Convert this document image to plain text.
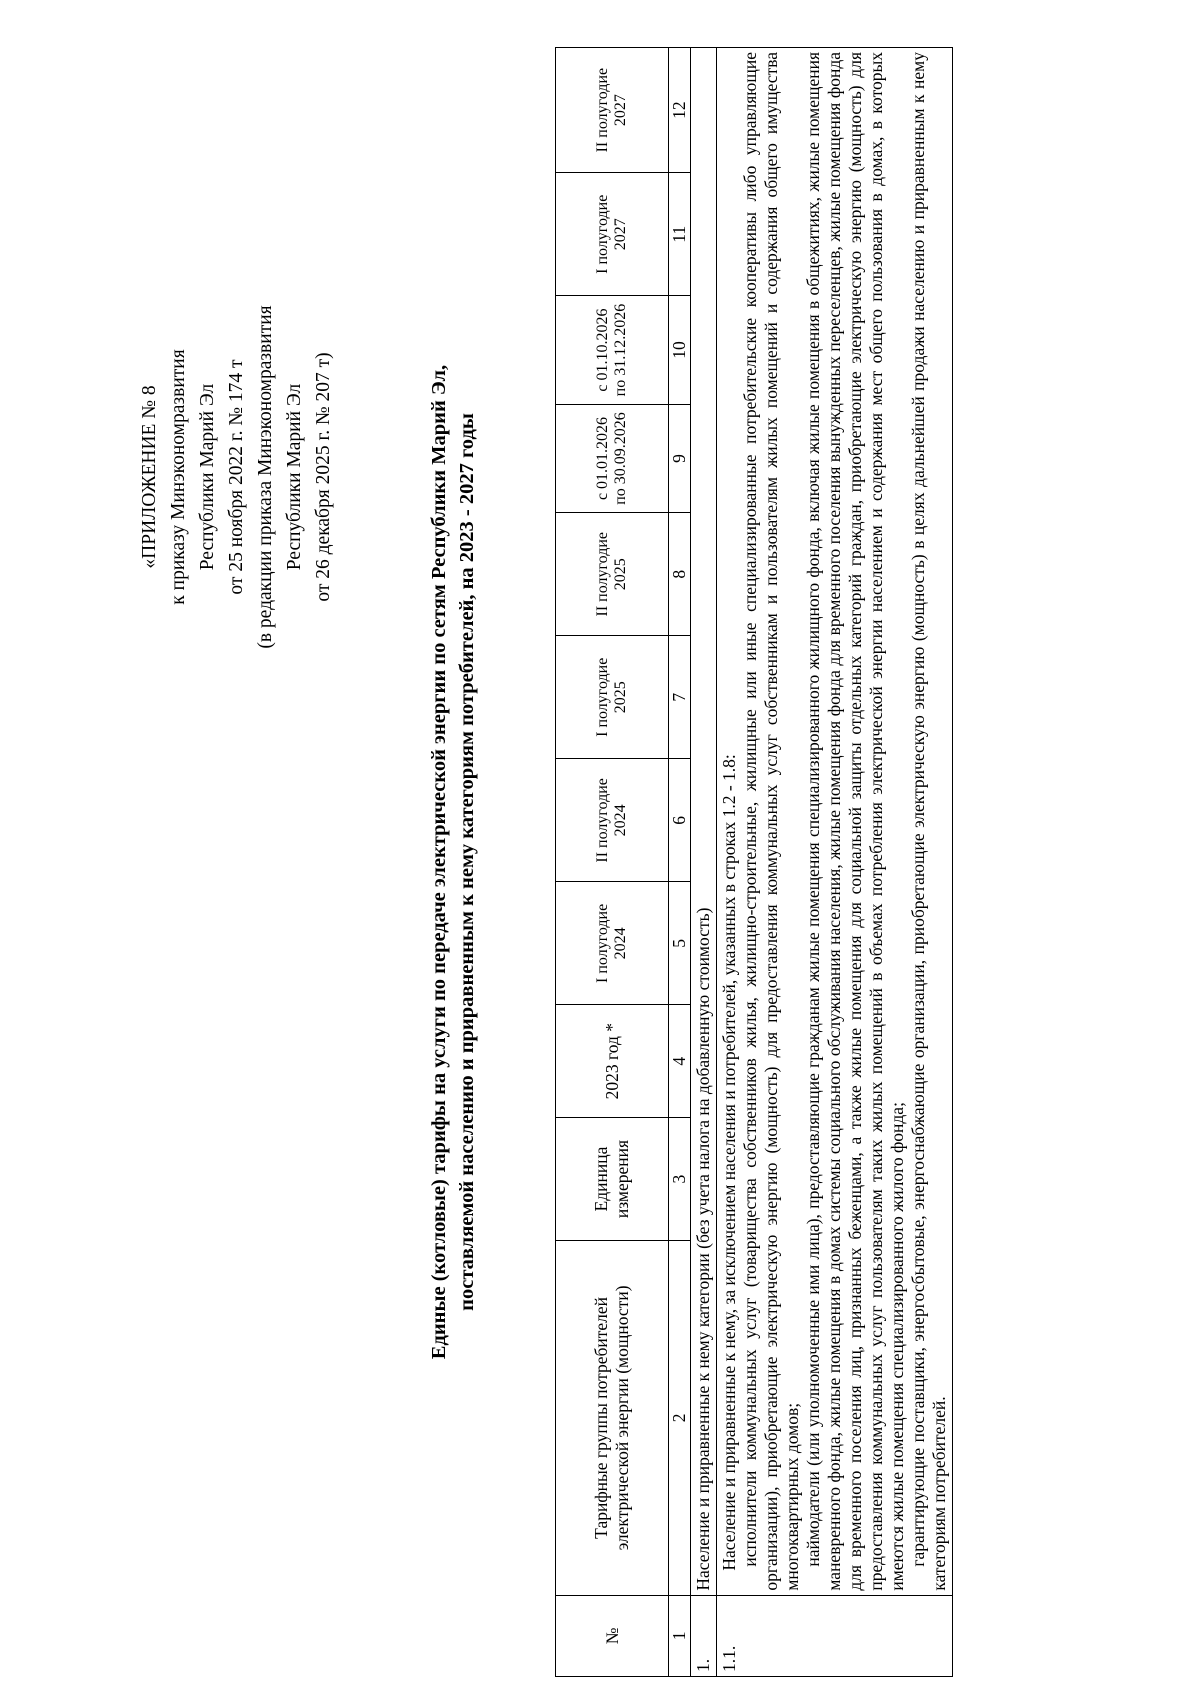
«ПРИЛОЖЕНИЕ № 8 к приказу Минэкономразвития Республики Марий Эл от 25 ноября 2022 г. № 174 т (в редакции приказа Минэкономразвития Республики Марий Эл от 26 декабря 2025 г. № 207 т)	Единые (котловые) тарифы на услуги по передаче электрической энергии по сетям Республики Марий Эл, поставляемой населению и приравненным к нему категориям потребителей, на 2023 - 2027 годы
№	Тарифные группы потребителей электрической энергии (мощности)	Единица измерения	2023 год *	I полугодие 2024	II полугодие 2024	I полугодие 2025	II полугодие 2025	с 01.01.2026 по 30.09.2026	с 01.10.2026 по 31.12.2026	I полугодие 2027	II полугодие 2027
1	2	3	4	5	6	7	8	9	10	11	12
1.	Население и приравненные к нему категории (без учета налога на добавленную стоимость)										
1.1.	Население и приравненные к нему, за исключением населения и потребителей, указанных в строках 1.2 - 1.8: исполнители коммунальных услуг (товарищества собственников жилья, жилищно-строительные, жилищные или иные специализированные потребительские кооперативы либо управляющие организации), приобретающие электрическую энергию (мощность) для предоставления коммунальных услуг собственникам и пользователям жилых помещений и содержания общего имущества многоквартирных домов; наймодатели (или уполномоченные ими лица), предоставляющие гражданам жилые помещения специализированного жилищного фонда, включая жилые помещения в общежитиях, жилые помещения маневренного фонда, жилые помещения в домах системы социального обслуживания населения, жилые помещения фонда для временного поселения вынужденных переселенцев, жилые помещения фонда для временного поселения лиц, признанных беженцами, а также жилые помещения для социальной защиты отдельных категорий граждан, приобретающие электрическую энергию (мощность) для предоставления коммунальных услуг пользователям таких жилых помещений в объемах потребления электрической энергии населением и содержания мест общего пользования в домах, в которых имеются жилые помещения специализированного жилого фонда; гарантирующие поставщики, энергосбытовые, энергоснабжающие организации, приобретающие электрическую энергию (мощность) в целях дальнейшей продажи населению и приравненным к нему категориям потребителей.										
